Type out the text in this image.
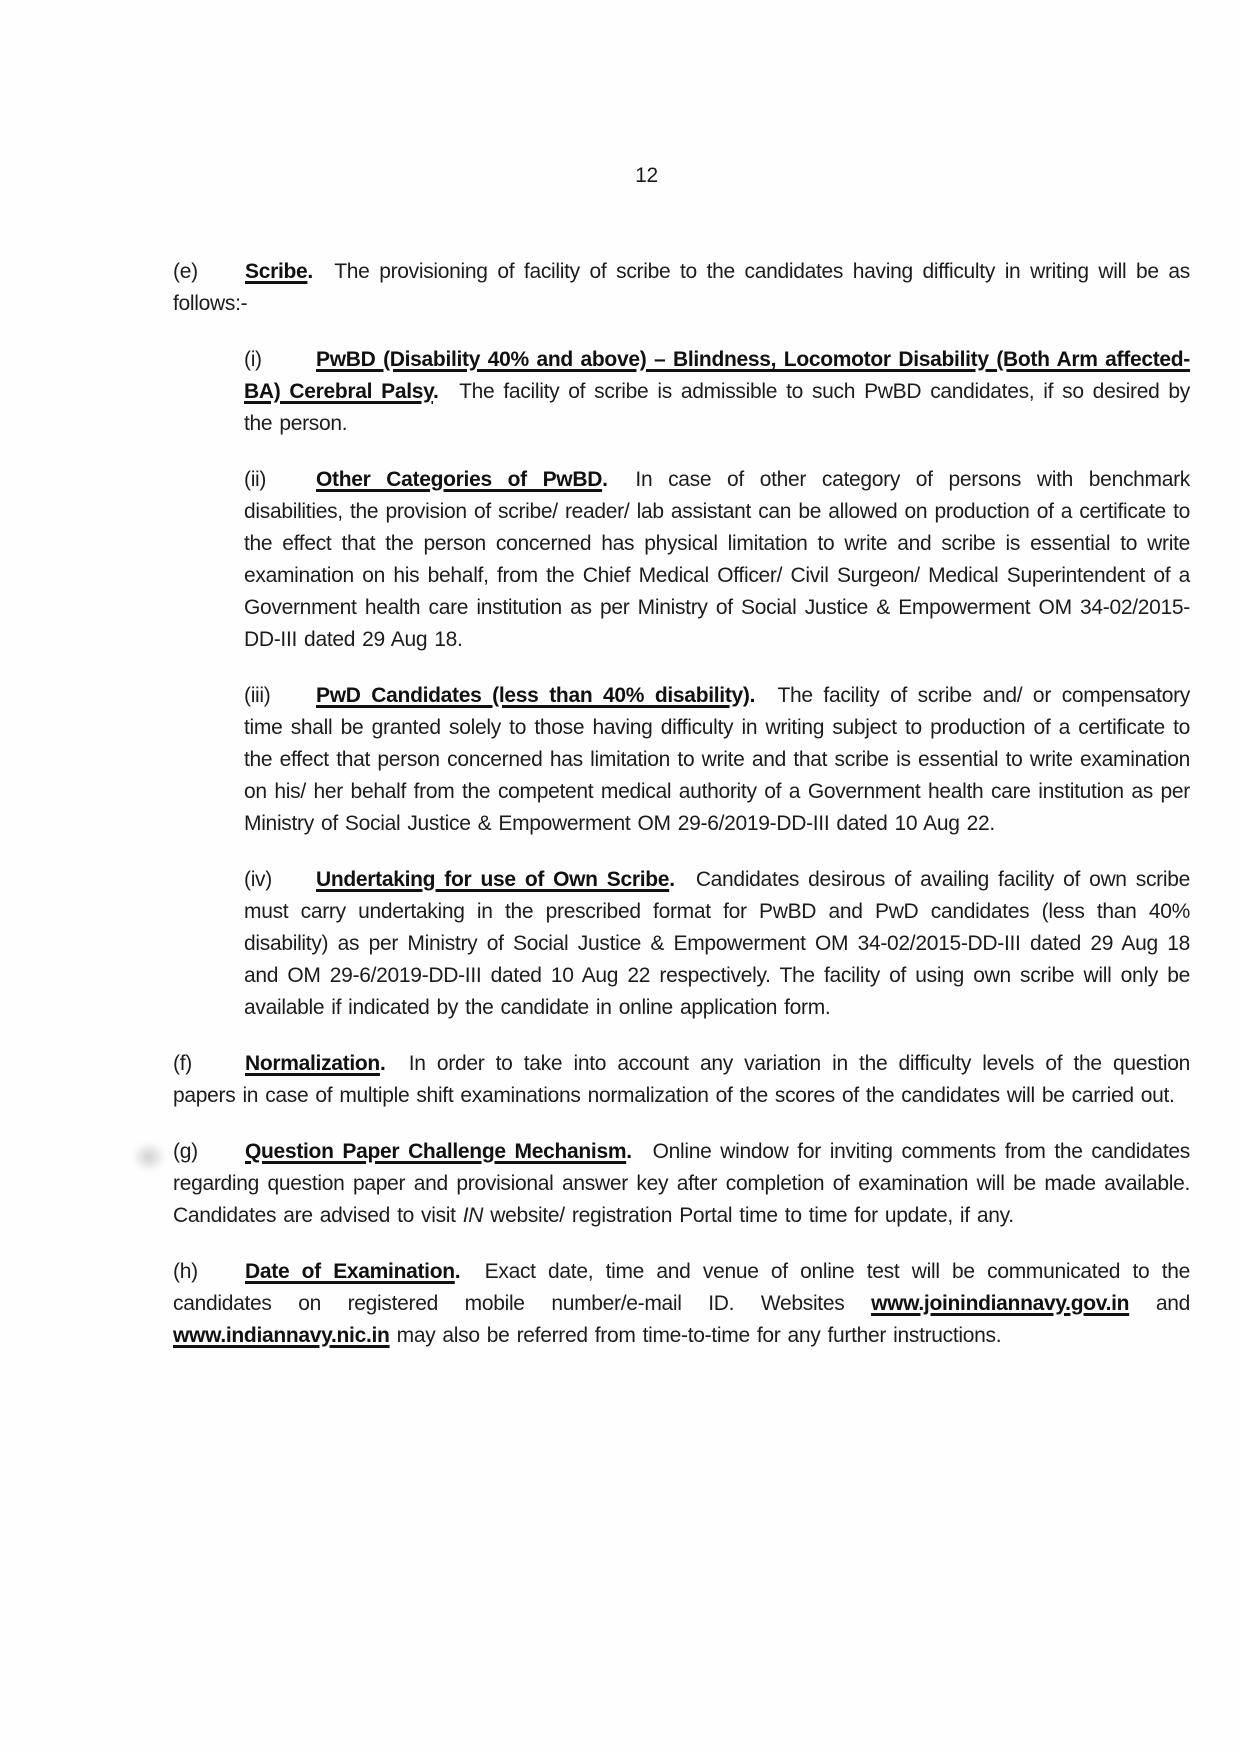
12
(e) Scribe. The provisioning of facility of scribe to the candidates having difficulty in writing will be as follows:-
(i)	PwBD (Disability 40% and above) – Blindness, Locomotor Disability (Both Arm affected- BA) Cerebral Palsy. The facility of scribe is admissible to such PwBD candidates, if so desired by the person.
(ii) Other Categories of PwBD. In case of other category of persons with benchmark disabilities, the provision of scribe/ reader/ lab assistant can be allowed on production of a certificate to the effect that the person concerned has physical limitation to write and scribe is essential to write examination on his behalf, from the Chief Medical Officer/ Civil Surgeon/ Medical Superintendent of a Government health care institution as per Ministry of Social Justice & Empowerment OM 34-02/2015-DD-III dated 29 Aug 18.
(iii) PwD Candidates (less than 40% disability). The facility of scribe and/ or compensatory time shall be granted solely to those having difficulty in writing subject to production of a certificate to the effect that person concerned has limitation to write and that scribe is essential to write examination on his/ her behalf from the competent medical authority of a Government health care institution as per Ministry of Social Justice & Empowerment OM 29-6/2019-DD-III dated 10 Aug 22.
(iv) Undertaking for use of Own Scribe. Candidates desirous of availing facility of own scribe must carry undertaking in the prescribed format for PwBD and PwD candidates (less than 40% disability) as per Ministry of Social Justice & Empowerment OM 34-02/2015-DD-III dated 29 Aug 18 and OM 29-6/2019-DD-III dated 10 Aug 22 respectively. The facility of using own scribe will only be available if indicated by the candidate in online application form.
(f)	Normalization. In order to take into account any variation in the difficulty levels of the question papers in case of multiple shift examinations normalization of the scores of the candidates will be carried out.
(g) Question Paper Challenge Mechanism. Online window for inviting comments from the candidates regarding question paper and provisional answer key after completion of examination will be made available. Candidates are advised to visit IN website/ registration Portal time to time for update, if any.
(h) Date of Examination. Exact date, time and venue of online test will be communicated to the candidates on registered mobile number/e-mail ID. Websites www.joinindiannavy.gov.in and www.indiannavy.nic.in may also be referred from time-to-time for any further instructions.
